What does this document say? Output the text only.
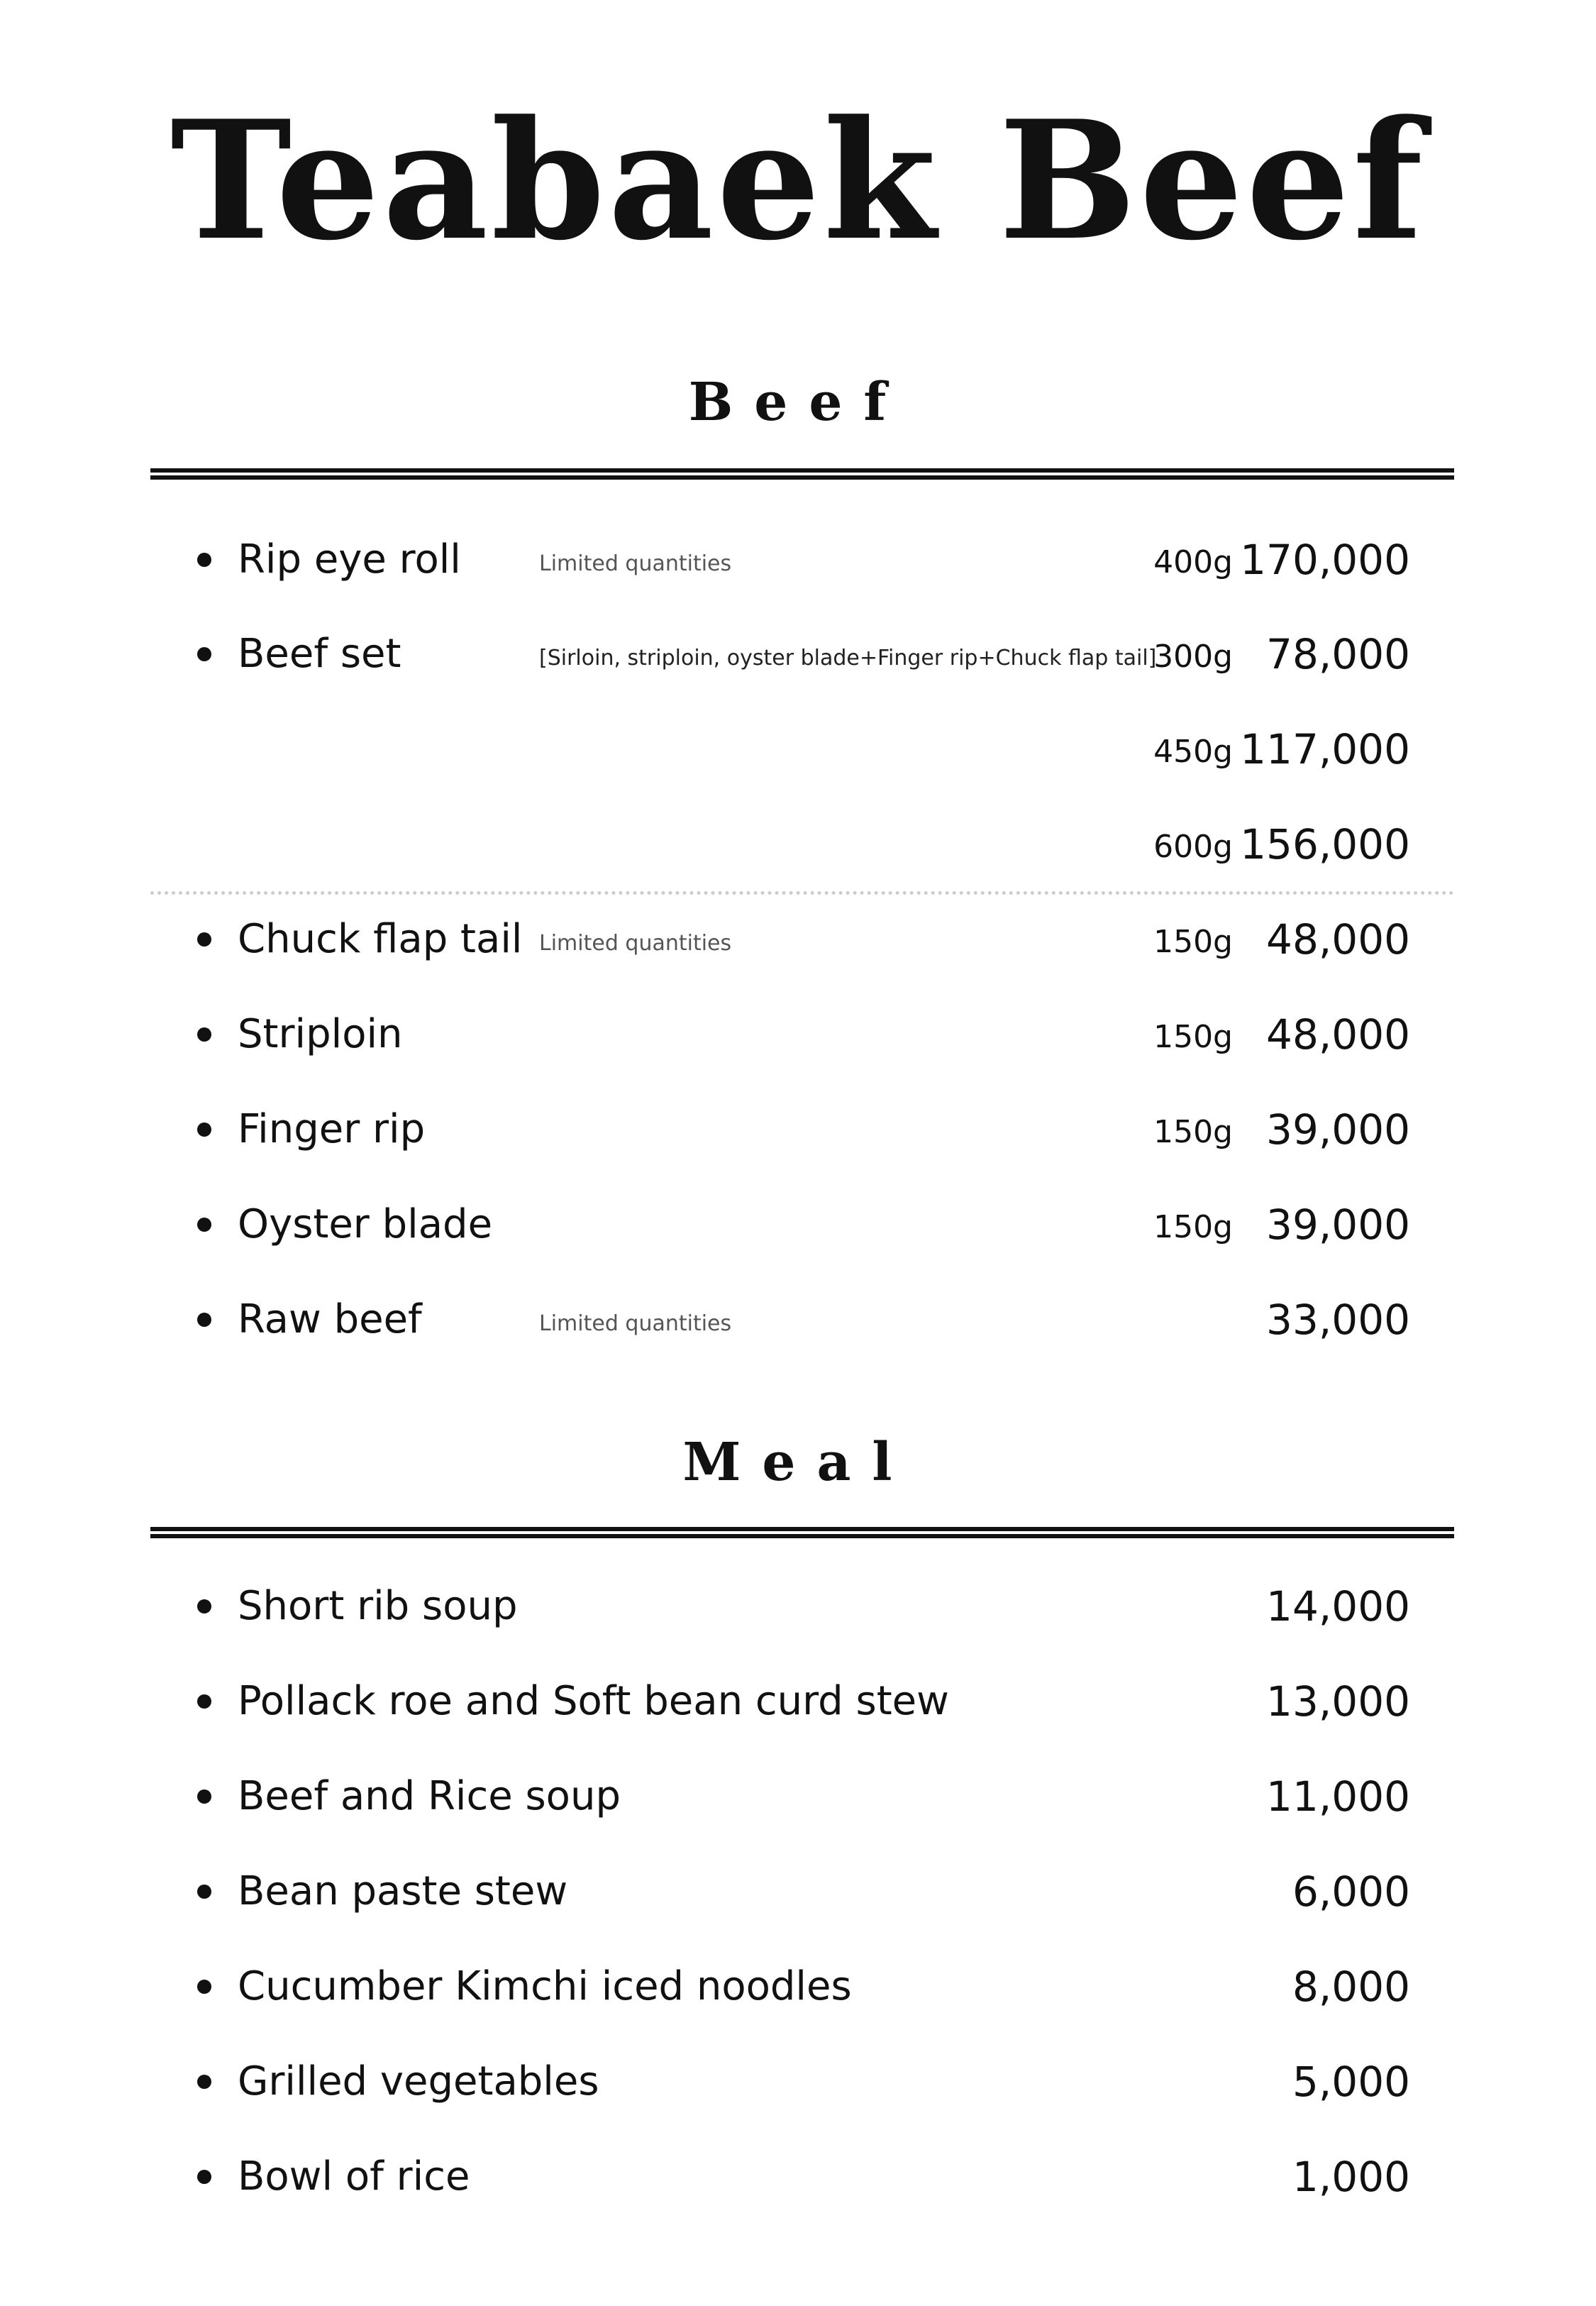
Teabaek Beef
Beef
Rip eye roll	Limited quantities	400g 170,000
Beef set	[Sirloin, striploin, oyster blade+Finger rip+Chuck flap tail]
300g 78,000
450g 117,000
600g 156,000
Chuck flap tail Limited quantities	150g 48,000
Striploin	150g 48,000
Finger rip	150g 39,000
Oyster blade	150g 39,000
Raw beef	Limited quantities	33,000
Meal
Short rib soup	14,000
Pollack roe and Soft bean curd stew	13,000
Beef and Rice soup	11,000
Bean paste stew	6,000
Cucumber Kimchi iced noodles	8,000
Grilled vegetables	5,000
Bowl of rice	1,000
